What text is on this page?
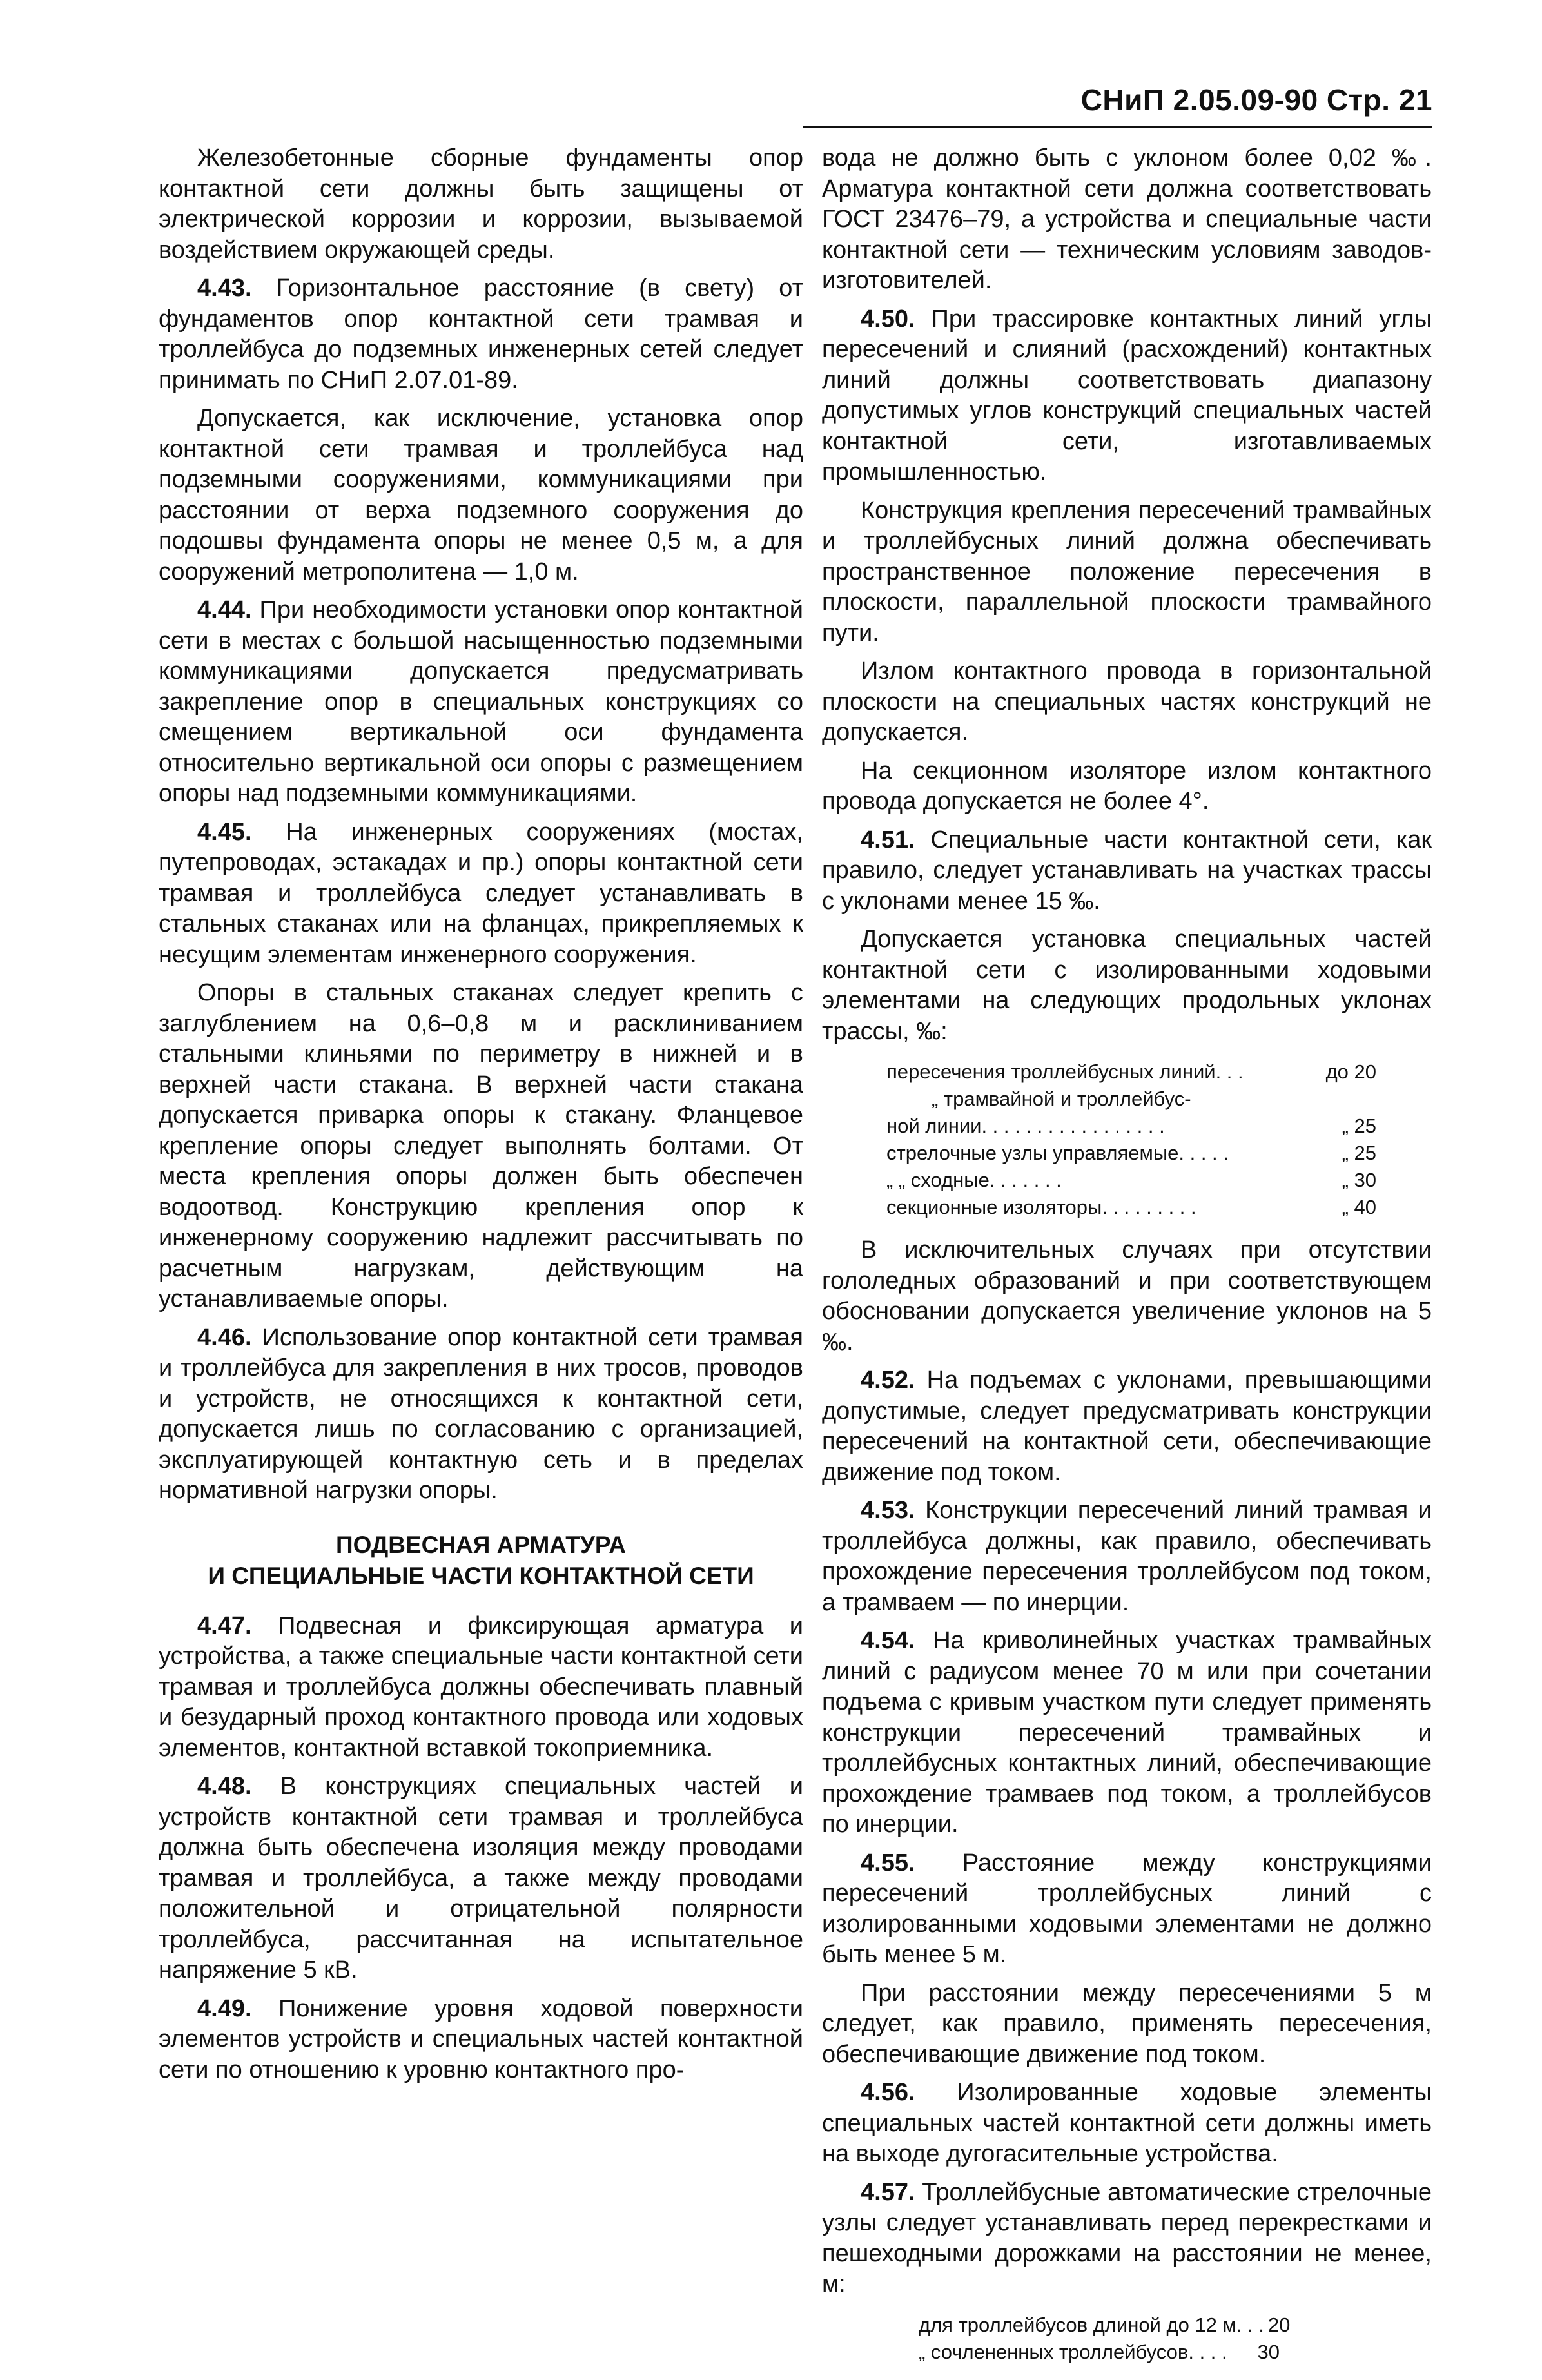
СНиП 2.05.09-90 Стр. 21

Железобетонные сборные фундаменты опор контактной сети должны быть защищены от электрической коррозии и коррозии, вызываемой воздействием окружающей среды.

4.43. Горизонтальное расстояние (в свету) от фундаментов опор контактной сети трамвая и троллейбуса до подземных инженерных сетей следует принимать по СНиП 2.07.01-89.

Допускается, как исключение, установка опор контактной сети трамвая и троллейбуса над подземными сооружениями, коммуникациями при расстоянии от верха подземного сооружения до подошвы фундамента опоры не менее 0,5 м, а для сооружений метрополитена — 1,0 м.

4.44. При необходимости установки опор контактной сети в местах с большой насыщенностью подземными коммуникациями допускается предусматривать закрепление опор в специальных конструкциях со смещением вертикальной оси фундамента относительно вертикальной оси опоры с размещением опоры над подземными коммуникациями.

4.45. На инженерных сооружениях (мостах, путепроводах, эстакадах и пр.) опоры контактной сети трамвая и троллейбуса следует устанавливать в стальных стаканах или на фланцах, прикрепляемых к несущим элементам инженерного сооружения.

Опоры в стальных стаканах следует крепить с заглублением на 0,6–0,8 м и расклиниванием стальными клиньями по периметру в нижней и в верхней части стакана. В верхней части стакана допускается приварка опоры к стакану. Фланцевое крепление опоры следует выполнять болтами. От места крепления опоры должен быть обеспечен водоотвод. Конструкцию крепления опор к инженерному сооружению надлежит рассчитывать по расчетным нагрузкам, действующим на устанавливаемые опоры.

4.46. Использование опор контактной сети трамвая и троллейбуса для закрепления в них тросов, проводов и устройств, не относящихся к контактной сети, допускается лишь по согласованию с организацией, эксплуатирующей контактную сеть и в пределах нормативной нагрузки опоры.

ПОДВЕСНАЯ АРМАТУРА
И СПЕЦИАЛЬНЫЕ ЧАСТИ КОНТАКТНОЙ СЕТИ

4.47. Подвесная и фиксирующая арматура и устройства, а также специальные части контактной сети трамвая и троллейбуса должны обеспечивать плавный и безударный проход контактного провода или ходовых элементов, контактной вставкой токоприемника.

4.48. В конструкциях специальных частей и устройств контактной сети трамвая и троллейбуса должна быть обеспечена изоляция между проводами трамвая и троллейбуса, а также между проводами положительной и отрицательной полярности троллейбуса, рассчитанная на испытательное напряжение 5 кВ.

4.49. Понижение уровня ходовой поверхности элементов устройств и специальных частей контактной сети по отношению к уровню контактного про-

вода не должно быть с уклоном более 0,02 ‰. Арматура контактной сети должна соответствовать ГОСТ 23476–79, а устройства и специальные части контактной сети — техническим условиям заводов-изготовителей.

4.50. При трассировке контактных линий углы пересечений и слияний (расхождений) контактных линий должны соответствовать диапазону допустимых углов конструкций специальных частей контактной сети, изготавливаемых промышленностью.

Конструкция крепления пересечений трамвайных и троллейбусных линий должна обеспечивать пространственное положение пересечения в плоскости, параллельной плоскости трамвайного пути.

Излом контактного провода в горизонтальной плоскости на специальных частях конструкций не допускается.

На секционном изоляторе излом контактного провода допускается не более 4°.

4.51. Специальные части контактной сети, как правило, следует устанавливать на участках трассы с уклонами менее 15 ‰.

Допускается установка специальных частей контактной сети с изолированными ходовыми элементами на следующих продольных уклонах трассы, ‰:

пересечения троллейбусных линий . . .	до 20
„ трамвайной и троллейбус-
ной линии . . . . . . . . . . . . . . . . .	„ 25
стрелочные узлы управляемые . . . . .	„ 25
„ „ сходные . . . . . . .	„ 30
секционные изоляторы . . . . . . . . .	„ 40

В исключительных случаях при отсутствии гололедных образований и при соответствующем обосновании допускается увеличение уклонов на 5 ‰.

4.52. На подъемах с уклонами, превышающими допустимые, следует предусматривать конструкции пересечений на контактной сети, обеспечивающие движение под током.

4.53. Конструкции пересечений линий трамвая и троллейбуса должны, как правило, обеспечивать прохождение пересечения троллейбусом под током, а трамваем — по инерции.

4.54. На криволинейных участках трамвайных линий с радиусом менее 70 м или при сочетании подъема с кривым участком пути следует применять конструкции пересечений трамвайных и троллейбусных контактных линий, обеспечивающие прохождение трамваев под током, а троллейбусов по инерции.

4.55. Расстояние между конструкциями пересечений троллейбусных линий с изолированными ходовыми элементами не должно быть менее 5 м.

При расстоянии между пересечениями 5 м следует, как правило, применять пересечения, обеспечивающие движение под током.

4.56. Изолированные ходовые элементы специальных частей контактной сети должны иметь на выходе дугогасительные устройства.

4.57. Троллейбусные автоматические стрелочные узлы следует устанавливать перед перекрестками и пешеходными дорожками на расстоянии не менее, м:

для троллейбусов длиной до 12 м . . . 20
„ сочлененных троллейбусов . . . .	30
